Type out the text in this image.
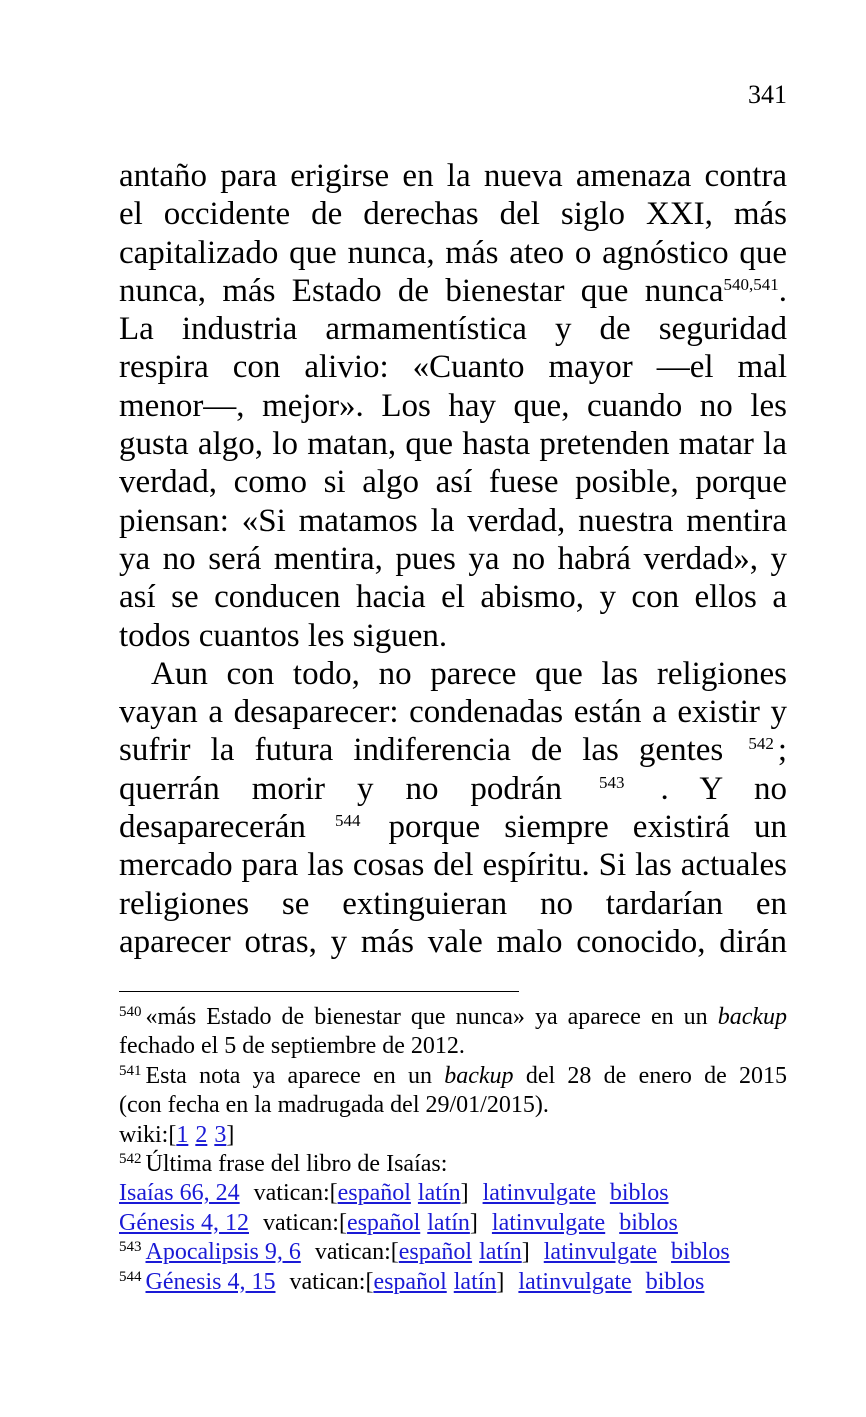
341
antaño para erigirse en la nueva amenaza contra
el occidente de derechas del siglo XXI, más
capitalizado que nunca, más ateo o agnóstico que
nunca, más Estado de bienestar que nunca$^{540,541}$.
La industria armamentística y de seguridad
respira con alivio: «Cuanto mayor —el mal
menor—, mejor». Los hay que, cuando no les
gusta algo, lo matan, que hasta pretenden matar la
verdad, como si algo así fuese posible, porque
piensan: «Si matamos la verdad, nuestra mentira
ya no será mentira, pues ya no habrá verdad», y
así se conducen hacia el abismo, y con ellos a
todos cuantos les siguen.
Aun con todo, no parece que las religiones
vayan a desaparecer: condenadas están a existir y
sufrir la futura indiferencia de las gentes $^{542}$ ;
querrán morir y no podrán $^{543}$ . Y no
desaparecerán $^{544}$ porque siempre existirá un
mercado para las cosas del espíritu. Si las actuales
religiones se extinguieran no tardarían en
aparecer otras, y más vale malo conocido, dirán
$^{540}$ «más Estado de bienestar que nunca» ya aparece en un backup
fechado el 5 de septiembre de 2012.
$^{541}$ Esta nota ya aparece en un backup del 28 de enero de 2015
(con fecha en la madrugada del 29/01/2015).
wiki:[1 2 3]
$^{542}$ Última frase del libro de Isaías:
Isaías 66, 24 vatican:[español latín] latinvulgate biblos
Génesis 4, 12 vatican:[español latín] latinvulgate biblos
$^{543}$ Apocalipsis 9, 6 vatican:[español latín] latinvulgate biblos
$^{544}$ Génesis 4, 15 vatican:[español latín] latinvulgate biblos
